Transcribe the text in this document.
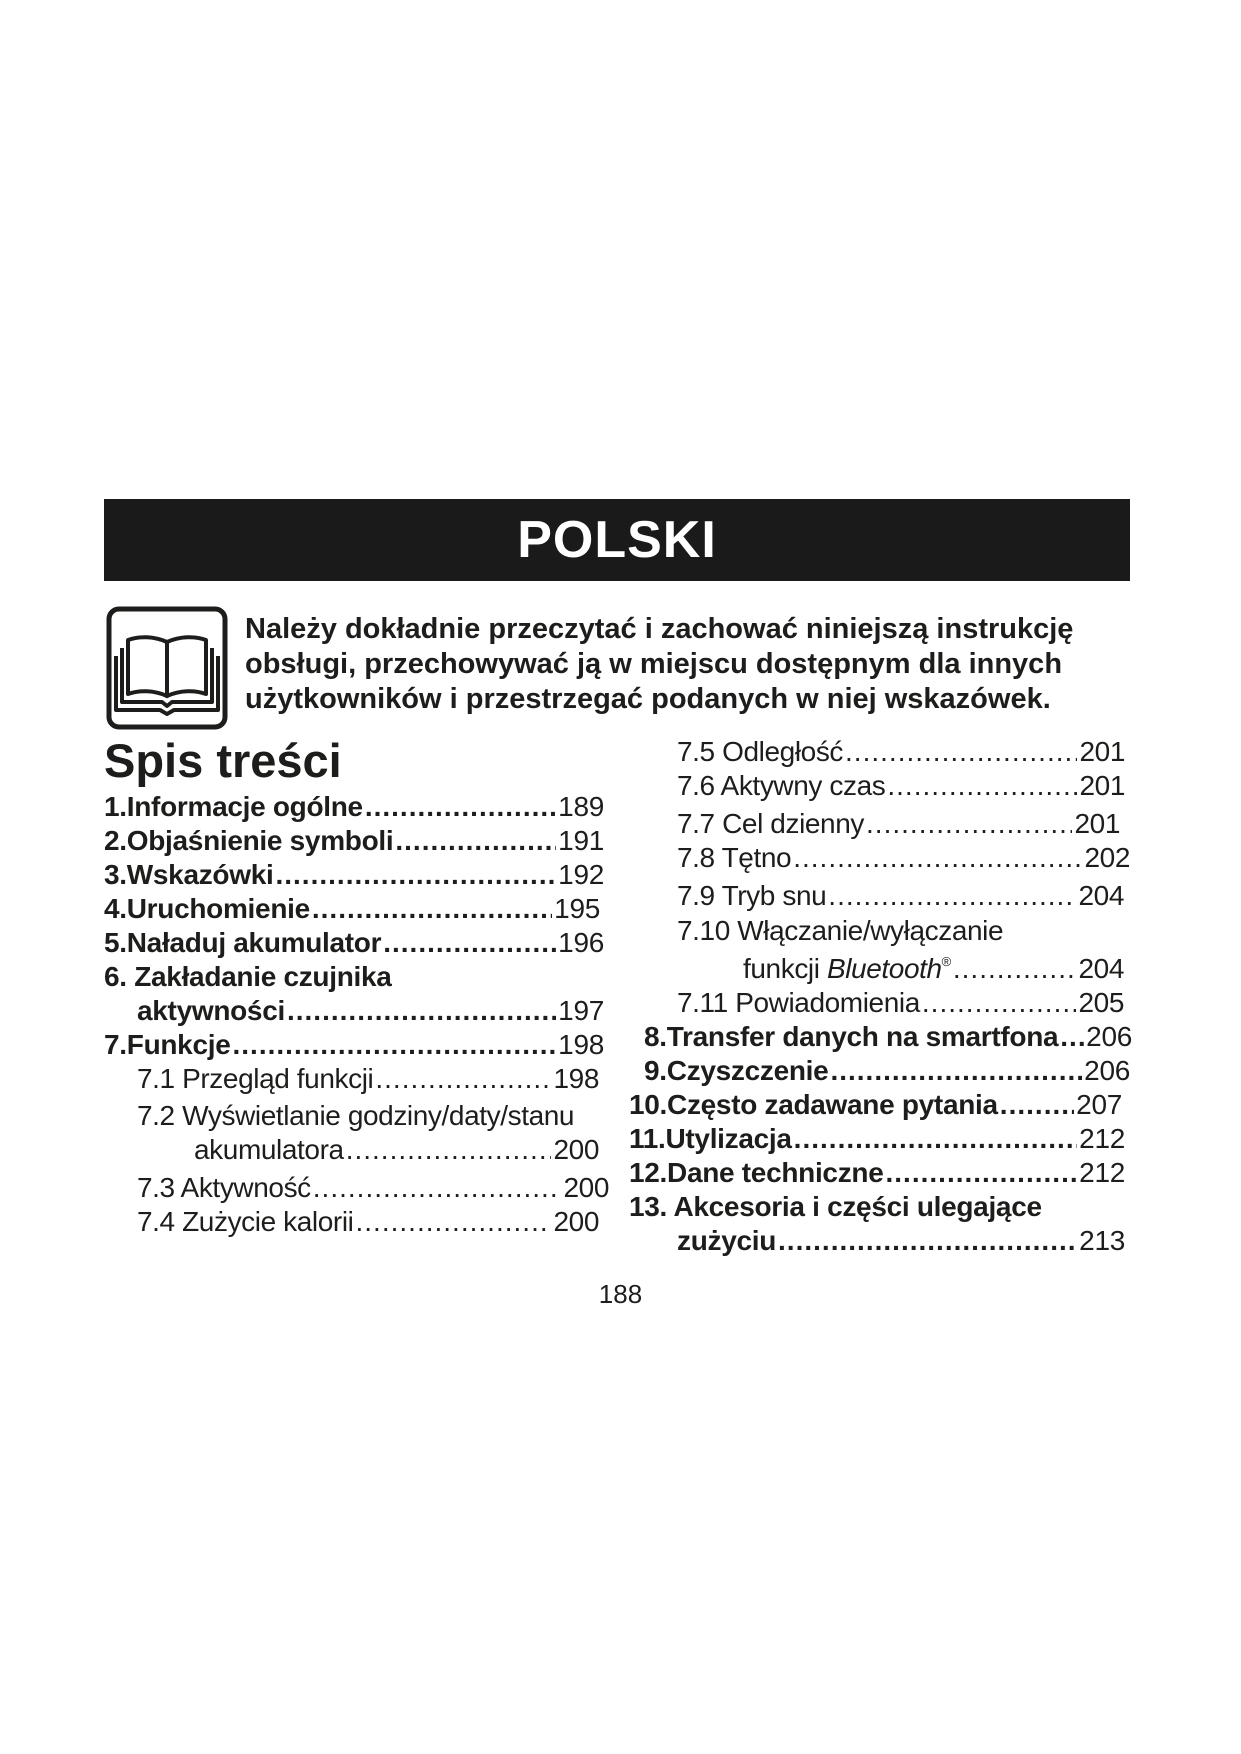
POLSKI
Należy dokładnie przeczytać i zachować niniejszą instrukcję
obsługi, przechowywać ją w miejscu dostępnym dla innych
użytkowników i przestrzegać podanych w niej wskazówek.
Spis treści
1. Informacje ogólne .....	189
2. Objaśnienie symboli .....	191
3. Wskazówki .....	192
4. Uruchomienie .....	195
5. Naładuj akumulator .....	196
6. Zakładanie czujnika
aktywności .....	197
7. Funkcje .....	198
7.1 Przegląd funkcji .....	198
7.2 Wyświetlanie godziny/daty/stanu
akumulatora .....	200
7.3 Aktywność .....	200
7.4 Zużycie kalorii .....	200
7.5 Odległość .....	201
7.6 Aktywny czas .....	201
7.7 Cel dzienny .....	201
7.8 Tętno .....	202
7.9 Tryb snu .....	204
7.10 Włączanie/wyłączanie
funkcji Bluetooth® .....	204
7.11 Powiadomienia .....	205
8. Transfer danych na smartfona ..... 206
9. Czyszczenie .....	206
10. Często zadawane pytania .....	207
11. Utylizacja .....	212
12. Dane techniczne .....	212
13. Akcesoria i części ulegające
zużyciu .....	213
188
